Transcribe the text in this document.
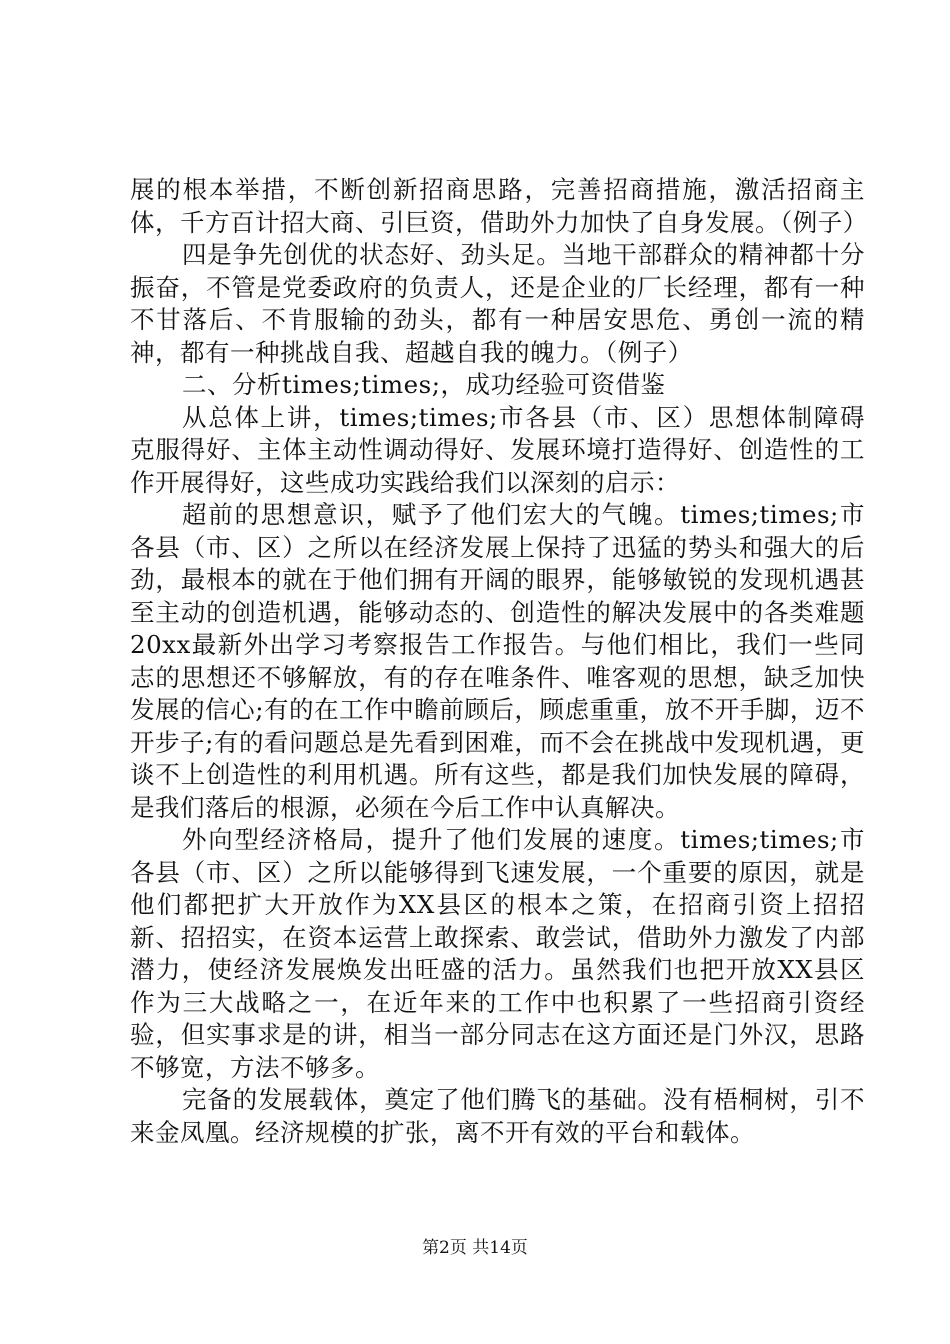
展的根本举措，不断创新招商思路，完善招商措施，激活招商主体，千方百计招大商、引巨资，借助外力加快了自身发展。（例子）

四是争先创优的状态好、劲头足。当地干部群众的精神都十分振奋，不管是党委政府的负责人，还是企业的厂长经理，都有一种不甘落后、不肯服输的劲头，都有一种居安思危、勇创一流的精神，都有一种挑战自我、超越自我的魄力。（例子）

二、分析times;times;，成功经验可资借鉴

从总体上讲，times;times;市各县（市、区）思想体制障碍克服得好、主体主动性调动得好、发展环境打造得好、创造性的工作开展得好，这些成功实践给我们以深刻的启示：

超前的思想意识，赋予了他们宏大的气魄。times;times;市各县（市、区）之所以在经济发展上保持了迅猛的势头和强大的后劲，最根本的就在于他们拥有开阔的眼界，能够敏锐的发现机遇甚至主动的创造机遇，能够动态的、创造性的解决发展中的各类难题20xx最新外出学习考察报告工作报告。与他们相比，我们一些同志的思想还不够解放，有的存在唯条件、唯客观的思想，缺乏加快发展的信心;有的在工作中瞻前顾后，顾虑重重，放不开手脚，迈不开步子;有的看问题总是先看到困难，而不会在挑战中发现机遇，更谈不上创造性的利用机遇。所有这些，都是我们加快发展的障碍，是我们落后的根源，必须在今后工作中认真解决。

外向型经济格局，提升了他们发展的速度。times;times;市各县（市、区）之所以能够得到飞速发展，一个重要的原因，就是他们都把扩大开放作为XX县区的根本之策，在招商引资上招招新、招招实，在资本运营上敢探索、敢尝试，借助外力激发了内部潜力，使经济发展焕发出旺盛的活力。虽然我们也把开放XX县区作为三大战略之一，在近年来的工作中也积累了一些招商引资经验，但实事求是的讲，相当一部分同志在这方面还是门外汉，思路不够宽，方法不够多。

完备的发展载体，奠定了他们腾飞的基础。没有梧桐树，引不来金凤凰。经济规模的扩张，离不开有效的平台和载体。

第2页 共14页
